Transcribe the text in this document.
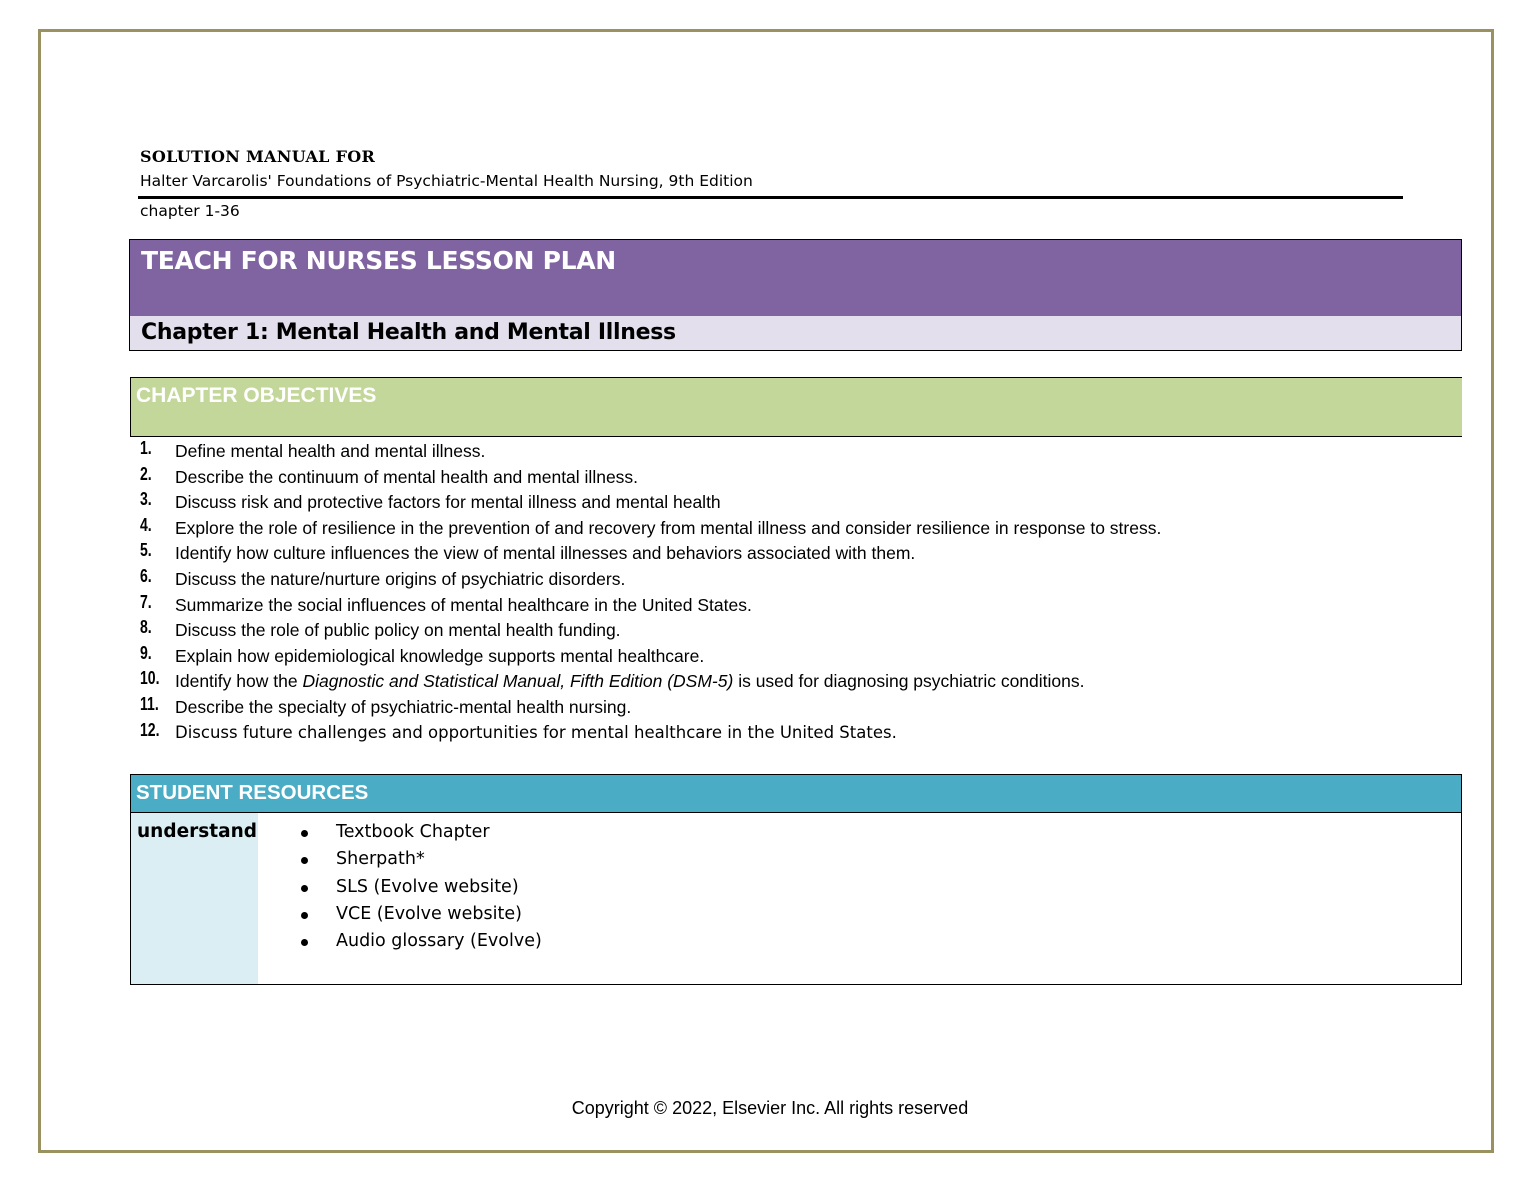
SOLUTION MANUAL FOR
Halter Varcarolis' Foundations of Psychiatric-Mental Health Nursing, 9th Edition
chapter 1-36
TEACH FOR NURSES LESSON PLAN
Chapter 1: Mental Health and Mental Illness
CHAPTER OBJECTIVES
1.	Define mental health and mental illness.
2.	Describe the continuum of mental health and mental illness.
3.	Discuss risk and protective factors for mental illness and mental health
4.	Explore the role of resilience in the prevention of and recovery from mental illness and consider resilience in response to stress.
5.	Identify how culture influences the view of mental illnesses and behaviors associated with them.
6.	Discuss the nature/nurture origins of psychiatric disorders.
7.	Summarize the social influences of mental healthcare in the United States.
8.	Discuss the role of public policy on mental health funding.
9.	Explain how epidemiological knowledge supports mental healthcare.
10. Identify how the Diagnostic and Statistical Manual, Fifth Edition (DSM-5) is used for diagnosing psychiatric conditions.
11. Describe the specialty of psychiatric-mental health nursing.
12. Discuss future challenges and opportunities for mental healthcare in the United States.
STUDENT RESOURCES
understand	Textbook Chapter
Sherpath*
SLS (Evolve website)
VCE (Evolve website)
Audio glossary (Evolve)
Copyright © 2022, Elsevier Inc. All rights reserved
